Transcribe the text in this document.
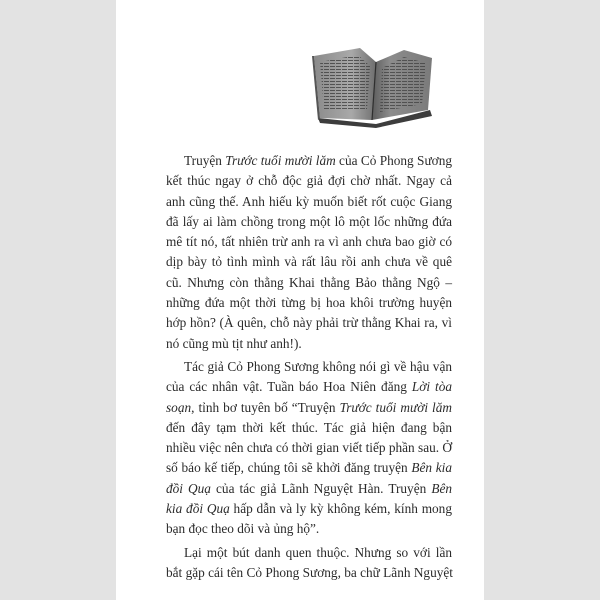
Truyện Trước tuổi mười lăm của Cỏ Phong Sương
kết thúc ngay ở chỗ độc giả đợi chờ nhất. Ngay cả
anh cũng thế. Anh hiếu kỳ muốn biết rốt cuộc Giang
đã lấy ai làm chồng trong một lô một lốc những đứa
mê tít nó, tất nhiên trừ anh ra vì anh chưa bao giờ có
dịp bày tỏ tình mình và rất lâu rồi anh chưa về quê
cũ. Nhưng còn thằng Khai thằng Bảo thằng Ngộ –
những đứa một thời từng bị hoa khôi trường huyện
hớp hồn? (À quên, chỗ này phải trừ thằng Khai ra, vì
nó cũng mù tịt như anh!).
Tác giả Cỏ Phong Sương không nói gì về hậu vận
của các nhân vật. Tuần báo Hoa Niên đăng Lời tòa
soạn, tỉnh bơ tuyên bố “Truyện Trước tuổi mười lăm
đến đây tạm thời kết thúc. Tác giả hiện đang bận
nhiều việc nên chưa có thời gian viết tiếp phần sau. Ở
số báo kế tiếp, chúng tôi sẽ khởi đăng truyện Bên kia
đồi Quạ của tác giả Lãnh Nguyệt Hàn. Truyện Bên
kia đồi Quạ hấp dẫn và ly kỳ không kém, kính mong
bạn đọc theo dõi và ủng hộ”.
Lại một bút danh quen thuộc. Nhưng so với lần
bắt gặp cái tên Cỏ Phong Sương, ba chữ Lãnh Nguyệt
